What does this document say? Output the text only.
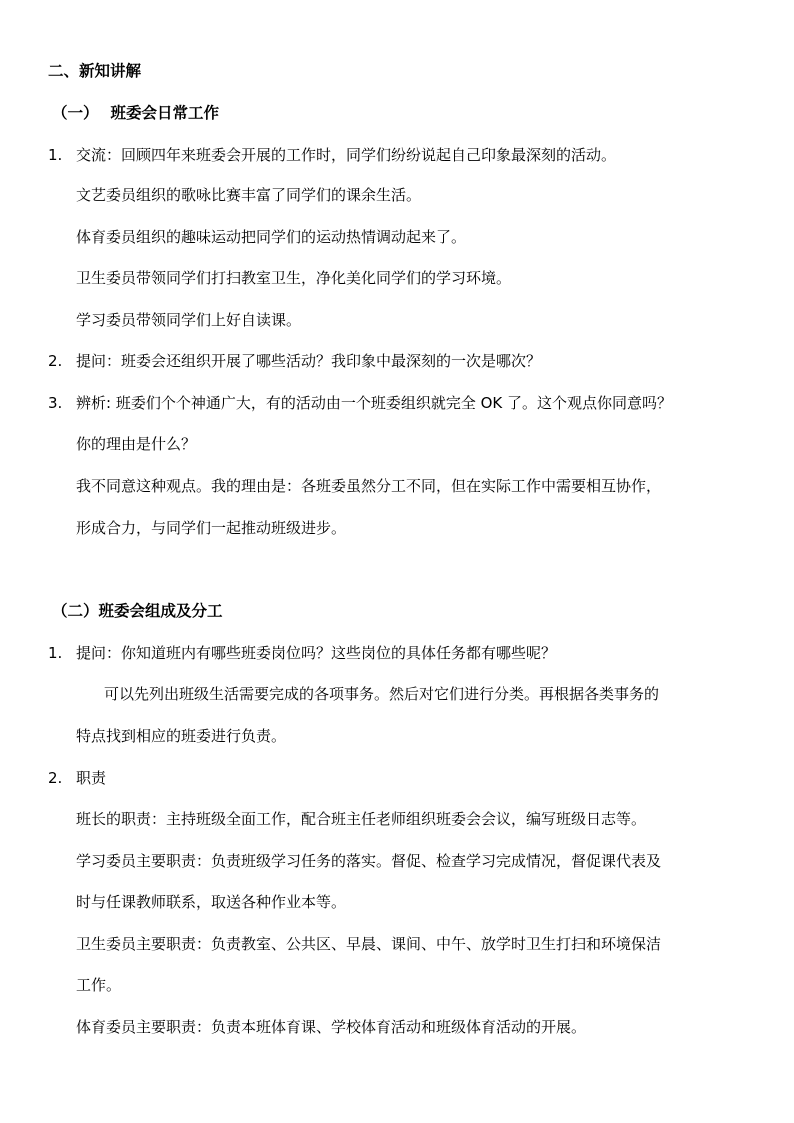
二、新知讲解
（一） 班委会日常工作
1. 交流：回顾四年来班委会开展的工作时，同学们纷纷说起自己印象最深刻的活动。
文艺委员组织的歌咏比赛丰富了同学们的课余生活。
体育委员组织的趣味运动把同学们的运动热情调动起来了。
卫生委员带领同学们打扫教室卫生，净化美化同学们的学习环境。
学习委员带领同学们上好自读课。
2. 提问：班委会还组织开展了哪些活动？我印象中最深刻的一次是哪次？
3. 辨析: 班委们个个神通广大，有的活动由一个班委组织就完全 OK 了。这个观点你同意吗？
你的理由是什么？
我不同意这种观点。我的理由是：各班委虽然分工不同，但在实际工作中需要相互协作，
形成合力，与同学们一起推动班级进步。
（二）班委会组成及分工
1. 提问：你知道班内有哪些班委岗位吗？这些岗位的具体任务都有哪些呢？
可以先列出班级生活需要完成的各项事务。然后对它们进行分类。再根据各类事务的
特点找到相应的班委进行负责。
2. 职责
班长的职责：主持班级全面工作，配合班主任老师组织班委会会议，编写班级日志等。
学习委员主要职责：负责班级学习任务的落实。督促、检查学习完成情况，督促课代表及
时与任课教师联系，取送各种作业本等。
卫生委员主要职责：负责教室、公共区、早晨、课间、中午、放学时卫生打扫和环境保洁
工作。
体育委员主要职责：负责本班体育课、学校体育活动和班级体育活动的开展。
